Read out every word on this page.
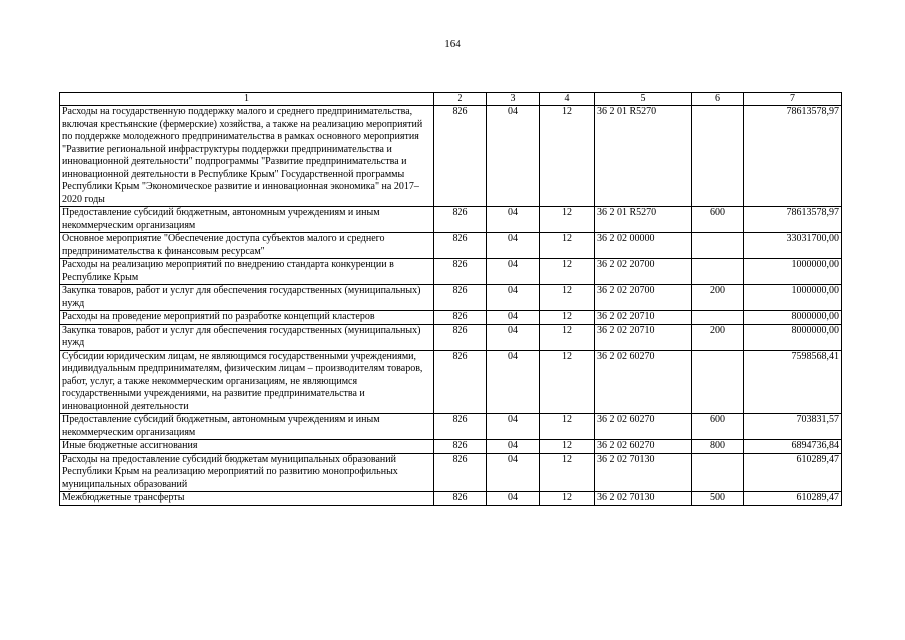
164
1	2	3	4	5	6	7
Расходы на государственную поддержку малого и среднего предпринимательства, включая крестьянские (фермерские) хозяйства, а также на реализацию мероприятий по поддержке молодежного предпринимательства в рамках основного мероприятия "Развитие региональной инфраструктуры поддержки предпринимательства и инновационной деятельности" подпрограммы "Развитие предпринимательства и инновационной деятельности в Республике Крым" Государственной программы Республики Крым "Экономическое развитие и инновационная экономика" на 2017–2020 годы	826	04	12	36 2 01 R5270		78613578,97
Предоставление субсидий бюджетным, автономным учреждениям и иным некоммерческим организациям	826	04	12	36 2 01 R5270	600	78613578,97
Основное мероприятие "Обеспечение доступа субъектов малого и среднего предпринимательства к финансовым ресурсам"	826	04	12	36 2 02 00000		33031700,00
Расходы на реализацию мероприятий по внедрению стандарта конкуренции в Республике Крым	826	04	12	36 2 02 20700		1000000,00
Закупка товаров, работ и услуг для обеспечения государственных (муниципальных) нужд	826	04	12	36 2 02 20700	200	1000000,00
Расходы на проведение мероприятий по разработке концепций кластеров	826	04	12	36 2 02 20710		8000000,00
Закупка товаров, работ и услуг для обеспечения государственных (муниципальных) нужд	826	04	12	36 2 02 20710	200	8000000,00
Субсидии юридическим лицам, не являющимся государственными учреждениями, индивидуальным предпринимателям, физическим лицам – производителям товаров, работ, услуг, а также некоммерческим организациям, не являющимся государственными учреждениями, на развитие предпринимательства и инновационной деятельности	826	04	12	36 2 02 60270		7598568,41
Предоставление субсидий бюджетным, автономным учреждениям и иным некоммерческим организациям	826	04	12	36 2 02 60270	600	703831,57
Иные бюджетные ассигнования	826	04	12	36 2 02 60270	800	6894736,84
Расходы на предоставление субсидий бюджетам муниципальных образований Республики Крым на реализацию мероприятий по развитию монопрофильных муниципальных образований	826	04	12	36 2 02 70130		610289,47
Межбюджетные трансферты	826	04	12	36 2 02 70130	500	610289,47
